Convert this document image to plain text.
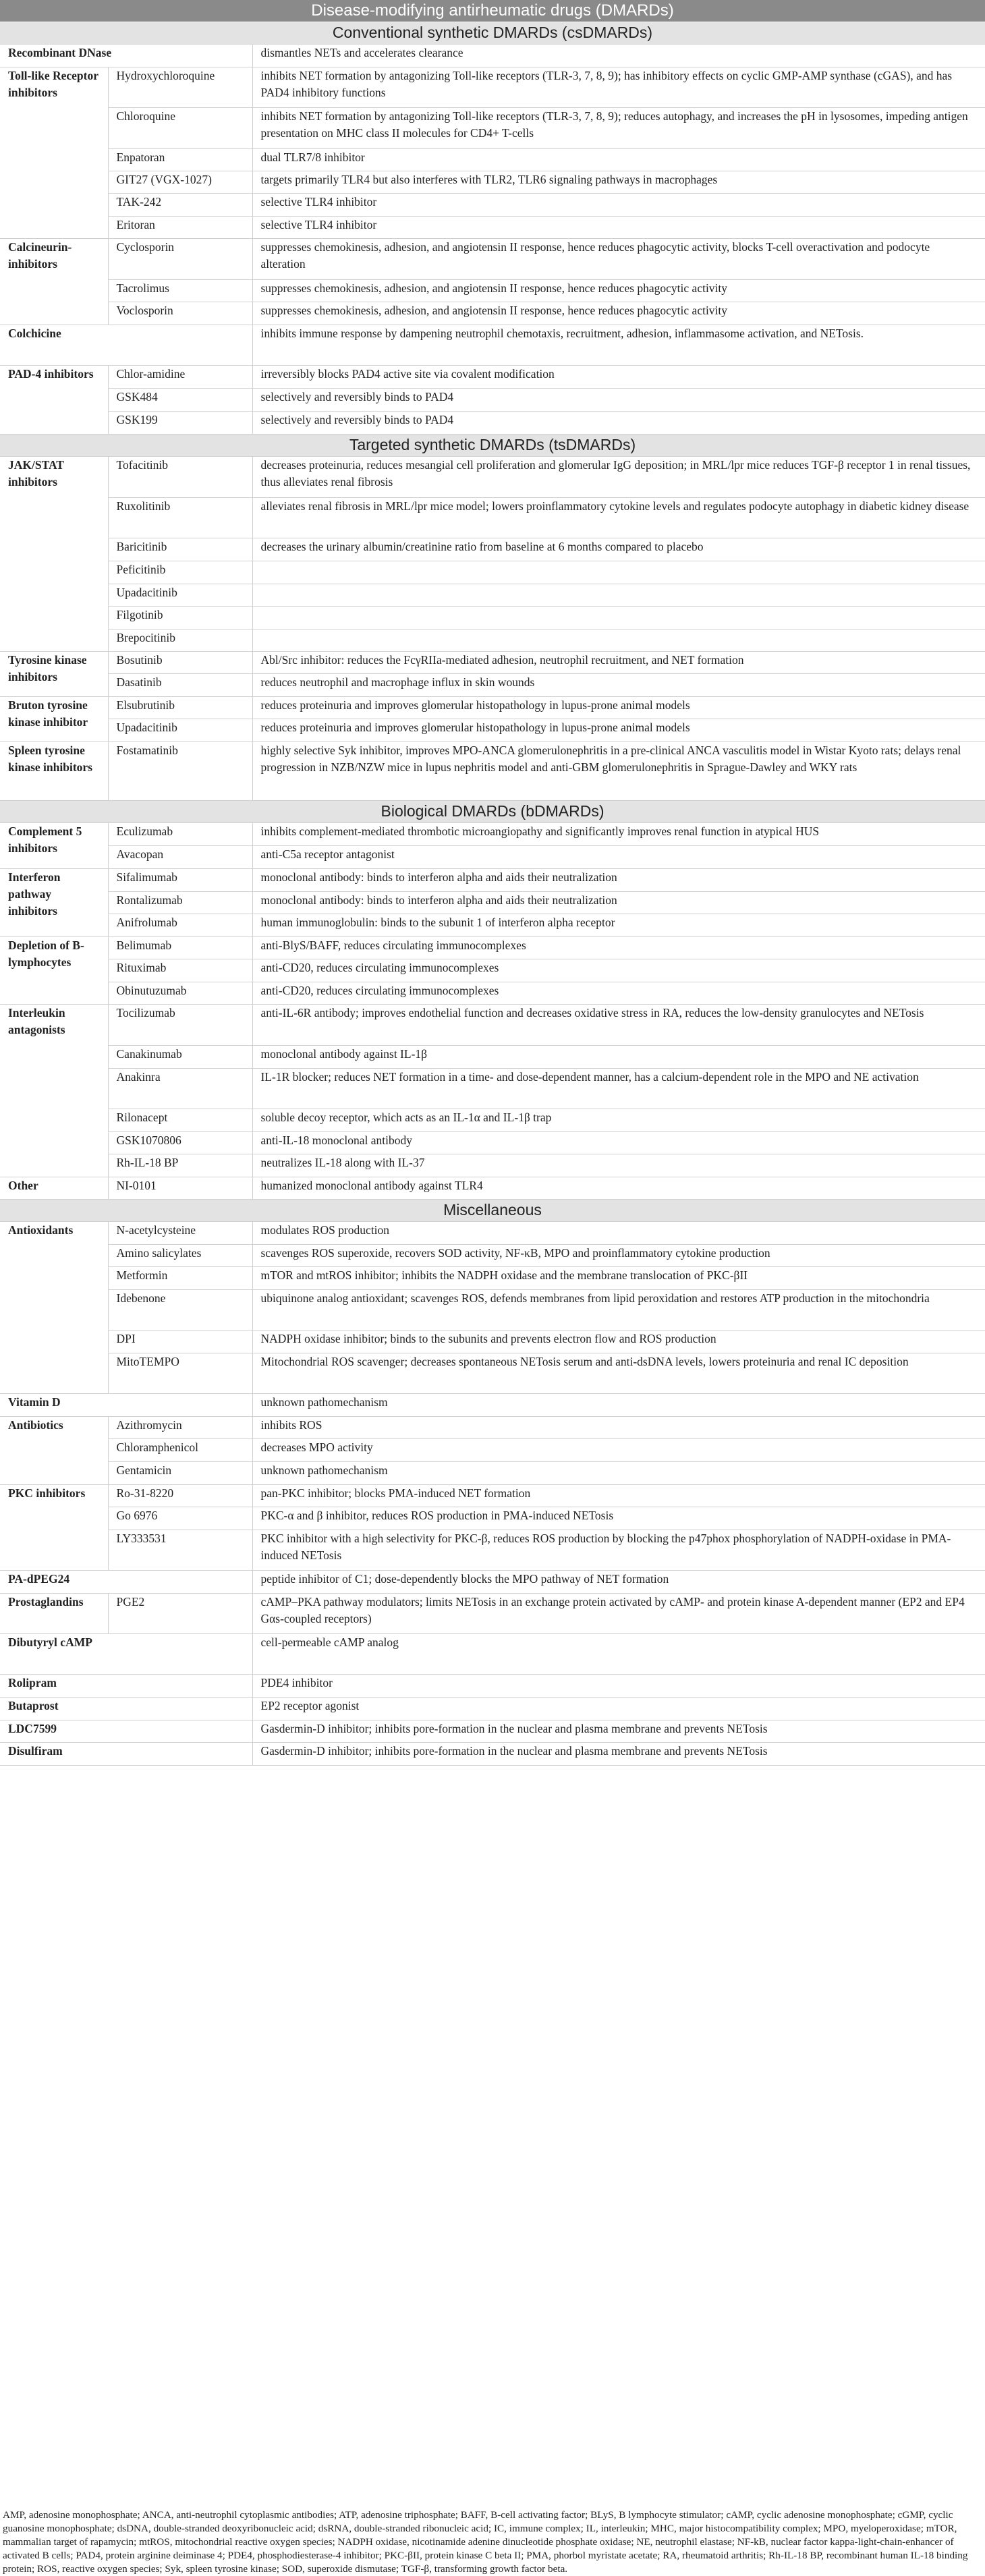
Disease-modifying antirheumatic drugs (DMARDs)		
Conventional synthetic DMARDs (csDMARDs)		
Recombinant DNase		dismantles NETs and accelerates clearance
Toll-like Receptor inhibitors	Hydroxychloroquine	inhibits NET formation by antagonizing Toll-like receptors (TLR-3, 7, 8, 9); has inhibitory effects on cyclic GMP-AMP synthase (cGAS), and has PAD4 inhibitory functions
	Chloroquine	inhibits NET formation by antagonizing Toll-like receptors (TLR-3, 7, 8, 9); reduces autophagy, and increases the pH in lysosomes, impeding antigen presentation on MHC class II molecules for CD4+ T-cells
	Enpatoran	dual TLR7/8 inhibitor
	GIT27 (VGX-1027)	targets primarily TLR4 but also interferes with TLR2, TLR6 signaling pathways in macrophages
	TAK-242	selective TLR4 inhibitor
	Eritoran	selective TLR4 inhibitor
Calcineurin-inhibitors	Cyclosporin	suppresses chemokinesis, adhesion, and angiotensin II response, hence reduces phagocytic activity, blocks T-cell overactivation and podocyte alteration
	Tacrolimus	suppresses chemokinesis, adhesion, and angiotensin II response, hence reduces phagocytic activity
	Voclosporin	suppresses chemokinesis, adhesion, and angiotensin II response, hence reduces phagocytic activity
Colchicine		inhibits immune response by dampening neutrophil chemotaxis, recruitment, adhesion, inflammasome activation, and NETosis.
PAD-4 inhibitors	Chlor-amidine	irreversibly blocks PAD4 active site via covalent modification
	GSK484	selectively and reversibly binds to PAD4
	GSK199	selectively and reversibly binds to PAD4
Targeted synthetic DMARDs (tsDMARDs)		
JAK/STAT inhibitors	Tofacitinib	decreases proteinuria, reduces mesangial cell proliferation and glomerular IgG deposition; in MRL/lpr mice reduces TGF-β receptor 1 in renal tissues, thus alleviates renal fibrosis
	Ruxolitinib	alleviates renal fibrosis in MRL/lpr mice model; lowers proinflammatory cytokine levels and regulates podocyte autophagy in diabetic kidney disease
	Baricitinib	decreases the urinary albumin/creatinine ratio from baseline at 6 months compared to placebo
	Peficitinib	
	Upadacitinib	
	Filgotinib	
	Brepocitinib	
Tyrosine kinase inhibitors	Bosutinib	Abl/Src inhibitor: reduces the FcγRIIa-mediated adhesion, neutrophil recruitment, and NET formation
	Dasatinib	reduces neutrophil and macrophage influx in skin wounds
Bruton tyrosine kinase inhibitor	Elsubrutinib	reduces proteinuria and improves glomerular histopathology in lupus-prone animal models
	Upadacitinib	reduces proteinuria and improves glomerular histopathology in lupus-prone animal models
Spleen tyrosine kinase inhibitors	Fostamatinib	highly selective Syk inhibitor, improves MPO-ANCA glomerulonephritis in a pre-clinical ANCA vasculitis model in Wistar Kyoto rats; delays renal progression in NZB/NZW mice in lupus nephritis model and anti-GBM glomerulonephritis in Sprague-Dawley and WKY rats
Biological DMARDs (bDMARDs)		
Complement 5 inhibitors	Eculizumab	inhibits complement-mediated thrombotic microangiopathy and significantly improves renal function in atypical HUS
	Avacopan	anti-C5a receptor antagonist
Interferon pathway inhibitors	Sifalimumab	monoclonal antibody: binds to interferon alpha and aids their neutralization
	Rontalizumab	monoclonal antibody: binds to interferon alpha and aids their neutralization
	Anifrolumab	human immunoglobulin: binds to the subunit 1 of interferon alpha receptor
Depletion of B-lymphocytes	Belimumab	anti-BlyS/BAFF, reduces circulating immunocomplexes
	Rituximab	anti-CD20, reduces circulating immunocomplexes
	Obinutuzumab	anti-CD20, reduces circulating immunocomplexes
Interleukin antagonists	Tocilizumab	anti-IL-6R antibody; improves endothelial function and decreases oxidative stress in RA, reduces the low-density granulocytes and NETosis
	Canakinumab	monoclonal antibody against IL-1β
	Anakinra	IL-1R blocker; reduces NET formation in a time- and dose-dependent manner, has a calcium-dependent role in the MPO and NE activation
	Rilonacept	soluble decoy receptor, which acts as an IL-1α and IL-1β trap
	GSK1070806	anti-IL-18 monoclonal antibody
	Rh-IL-18 BP	neutralizes IL-18 along with IL-37
Other	NI-0101	humanized monoclonal antibody against TLR4
Miscellaneous		
Antioxidants	N-acetylcysteine	modulates ROS production
	Amino salicylates	scavenges ROS superoxide, recovers SOD activity, NF-κB, MPO and proinflammatory cytokine production
	Metformin	mTOR and mtROS inhibitor; inhibits the NADPH oxidase and the membrane translocation of PKC-βII
	Idebenone	ubiquinone analog antioxidant; scavenges ROS, defends membranes from lipid peroxidation and restores ATP production in the mitochondria
	DPI	NADPH oxidase inhibitor; binds to the subunits and prevents electron flow and ROS production
	MitoTEMPO	Mitochondrial ROS scavenger; decreases spontaneous NETosis serum and anti-dsDNA levels, lowers proteinuria and renal IC deposition
Vitamin D		unknown pathomechanism
Antibiotics	Azithromycin	inhibits ROS
	Chloramphenicol	decreases MPO activity
	Gentamicin	unknown pathomechanism
PKC inhibitors	Ro-31-8220	pan-PKC inhibitor; blocks PMA-induced NET formation
	Go 6976	PKC-α and β inhibitor, reduces ROS production in PMA-induced NETosis
	LY333531	PKC inhibitor with a high selectivity for PKC-β, reduces ROS production by blocking the p47phox phosphorylation of NADPH-oxidase in PMA-induced NETosis
PA-dPEG24		peptide inhibitor of C1; dose-dependently blocks the MPO pathway of NET formation
Prostaglandins	PGE2	cAMP–PKA pathway modulators; limits NETosis in an exchange protein activated by cAMP- and protein kinase A-dependent manner (EP2 and EP4 Gαs-coupled receptors)
Dibutyryl cAMP		cell-permeable cAMP analog
Rolipram		PDE4 inhibitor
Butaprost		EP2 receptor agonist
LDC7599		Gasdermin-D inhibitor; inhibits pore-formation in the nuclear and plasma membrane and prevents NETosis
Disulfiram		Gasdermin-D inhibitor; inhibits pore-formation in the nuclear and plasma membrane and prevents NETosis
AMP, adenosine monophosphate; ANCA, anti-neutrophil cytoplasmic antibodies; ATP, adenosine triphosphate; BAFF, B-cell activating factor; BLyS, B lymphocyte stimulator; cAMP, cyclic adenosine monophosphate; cGMP, cyclic guanosine monophosphate; dsDNA, double-stranded deoxyribonucleic acid; dsRNA, double-stranded ribonucleic acid; IC, immune complex; IL, interleukin; MHC, major histocompatibility complex; MPO, myeloperoxidase; mTOR, mammalian target of rapamycin; mtROS, mitochondrial reactive oxygen species; NADPH oxidase, nicotinamide adenine dinucleotide phosphate oxidase; NE, neutrophil elastase; NF-kB, nuclear factor kappa-light-chain-enhancer of activated B cells; PAD4, protein arginine deiminase 4; PDE4, phosphodiesterase-4 inhibitor; PKC-βII, protein kinase C beta II; PMA, phorbol myristate acetate; RA, rheumatoid arthritis; Rh-IL-18 BP, recombinant human IL-18 binding protein; ROS, reactive oxygen species; Syk, spleen tyrosine kinase; SOD, superoxide dismutase; TGF-β, transforming growth factor beta.
